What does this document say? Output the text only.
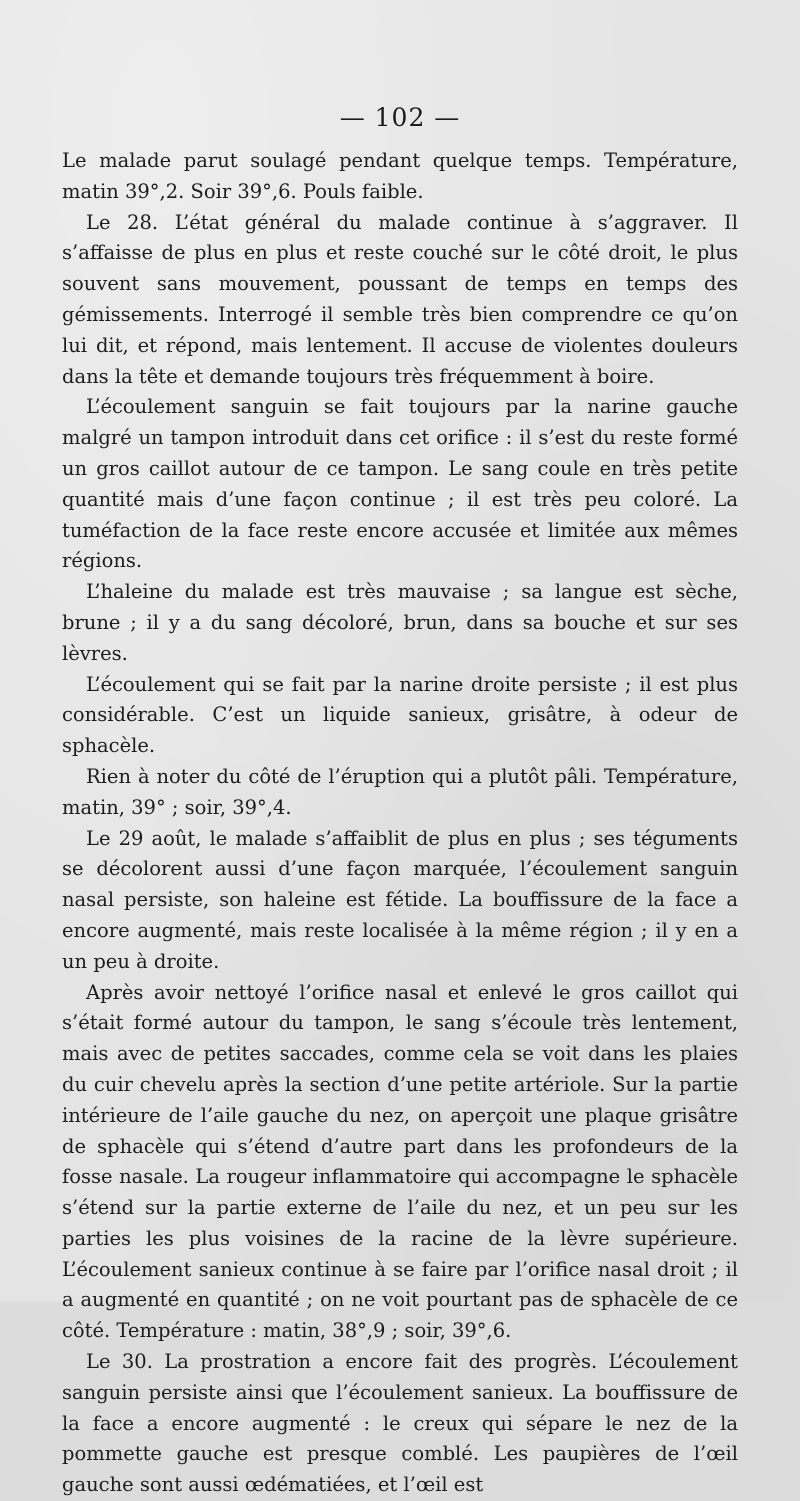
— 102 —

Le malade parut soulagé pendant quelque temps. Température, matin 39°,2. Soir 39°,6. Pouls faible.

Le 28. L’état général du malade continue à s’aggraver. Il s’affaisse de plus en plus et reste couché sur le côté droit, le plus souvent sans mouvement, poussant de temps en temps des gémissements. Interrogé il semble très bien comprendre ce qu’on lui dit, et répond, mais lentement. Il accuse de violentes douleurs dans la tête et demande toujours très fréquemment à boire.

L’écoulement sanguin se fait toujours par la narine gauche malgré un tampon introduit dans cet orifice : il s’est du reste formé un gros caillot autour de ce tampon. Le sang coule en très petite quantité mais d’une façon continue ; il est très peu coloré. La tuméfaction de la face reste encore accusée et limitée aux mêmes régions.

L’haleine du malade est très mauvaise ; sa langue est sèche, brune ; il y a du sang décoloré, brun, dans sa bouche et sur ses lèvres.

L’écoulement qui se fait par la narine droite persiste ; il est plus considérable. C’est un liquide sanieux, grisâtre, à odeur de sphacèle.

Rien à noter du côté de l’éruption qui a plutôt pâli. Température, matin, 39° ; soir, 39°,4.

Le 29 août, le malade s’affaiblit de plus en plus ; ses téguments se décolorent aussi d’une façon marquée, l’écoulement sanguin nasal persiste, son haleine est fétide. La bouffissure de la face a encore augmenté, mais reste localisée à la même région ; il y en a un peu à droite.

Après avoir nettoyé l’orifice nasal et enlevé le gros caillot qui s’était formé autour du tampon, le sang s’écoule très lentement, mais avec de petites saccades, comme cela se voit dans les plaies du cuir chevelu après la section d’une petite artériole. Sur la partie intérieure de l’aile gauche du nez, on aperçoit une plaque grisâtre de sphacèle qui s’étend d’autre part dans les profondeurs de la fosse nasale. La rougeur inflammatoire qui accompagne le sphacèle s’étend sur la partie externe de l’aile du nez, et un peu sur les parties les plus voisines de la racine de la lèvre supérieure. L’écoulement sanieux continue à se faire par l’orifice nasal droit ; il a augmenté en quantité ; on ne voit pourtant pas de sphacèle de ce côté. Température : matin, 38°,9 ; soir, 39°,6.

Le 30. La prostration a encore fait des progrès. L’écoulement sanguin persiste ainsi que l’écoulement sanieux. La bouffissure de la face a encore augmenté : le creux qui sépare le nez de la pommette gauche est presque comblé. Les paupières de l’œil gauche sont aussi œdématiées, et l’œil est
